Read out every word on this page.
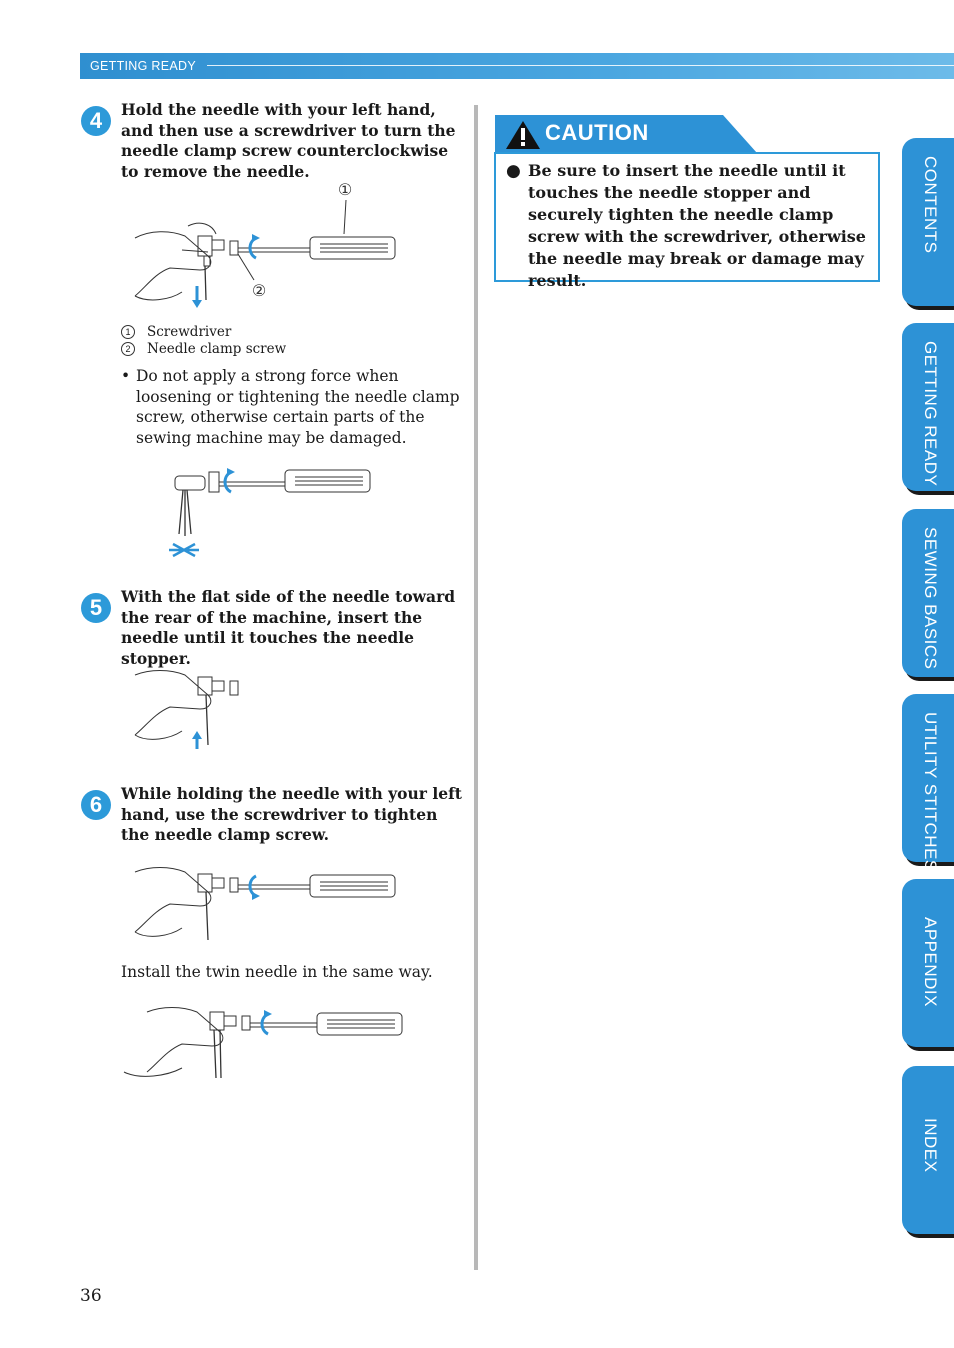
GETTING READY
4	Hold the needle with your left hand, and then use a screwdriver to turn the needle clamp screw counterclockwise to remove the needle.
①
②
1 Screwdriver
2 Needle clamp screw
• Do not apply a strong force when loosening or tightening the needle clamp screw, otherwise certain parts of the sewing machine may be damaged.
5	With the flat side of the needle toward the rear of the machine, insert the needle until it touches the needle stopper.
6	While holding the needle with your left hand, use the screwdriver to tighten the needle clamp screw.
Install the twin needle in the same way.
CAUTION
● Be sure to insert the needle until it touches the needle stopper and securely tighten the needle clamp screw with the screwdriver, otherwise the needle may break or damage may result.
CONTENTS
GETTING READY
SEWING BASICS
UTILITY STITCHES
APPENDIX
INDEX
36
